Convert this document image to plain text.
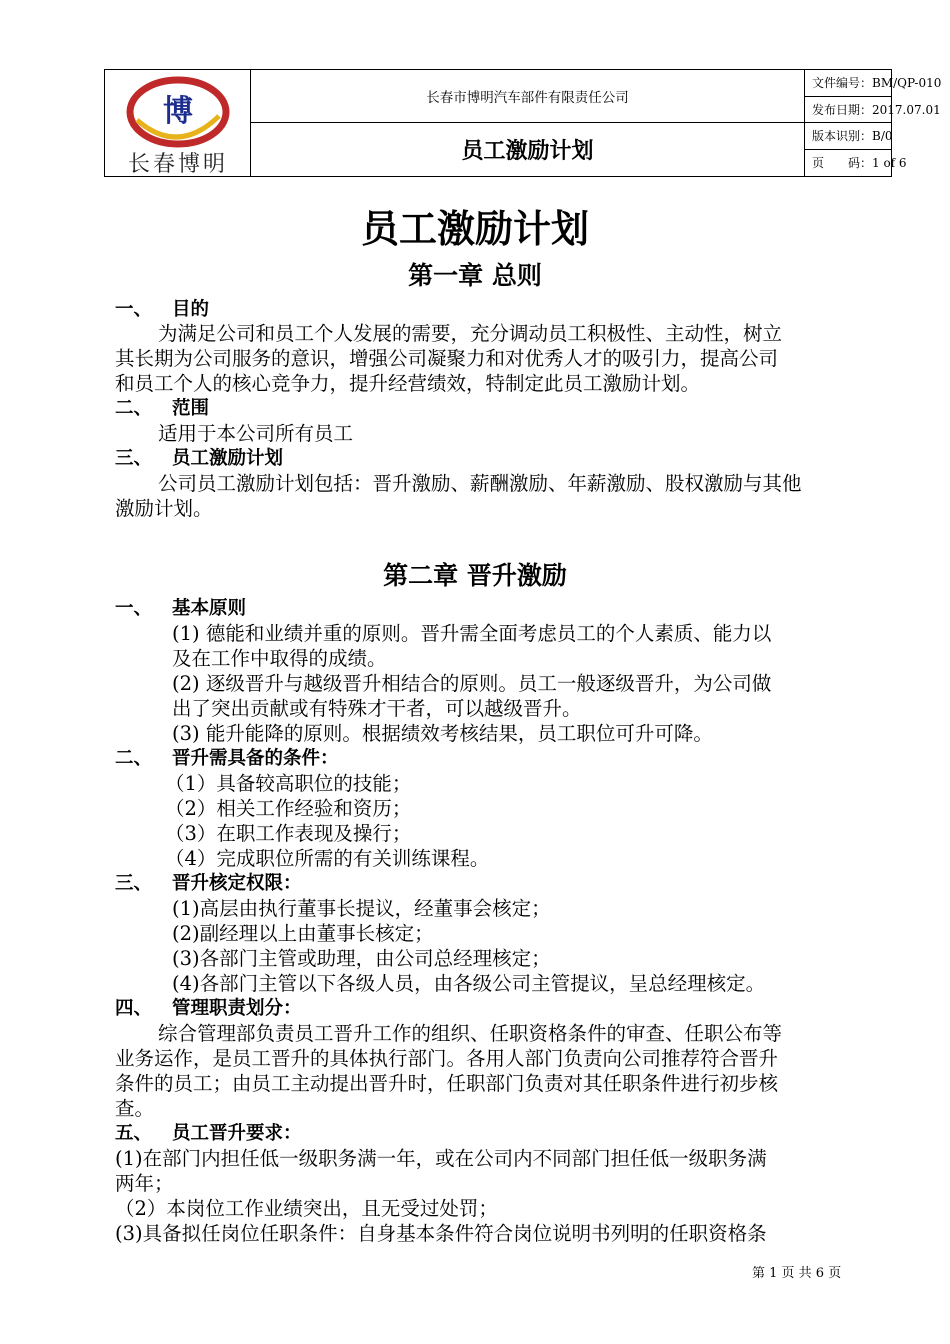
博
长春博明
长春市博明汽车部件有限责任公司
员工激励计划
文件编号：BM/QP-010
发布日期：2017.07.01
版本识别：B/0
页　　码：1 of 6
员工激励计划
第一章 总则
一、 目的
为满足公司和员工个人发展的需要，充分调动员工积极性、主动性，树立
其长期为公司服务的意识，增强公司凝聚力和对优秀人才的吸引力，提高公司
和员工个人的核心竞争力，提升经营绩效，特制定此员工激励计划。
二、 范围
适用于本公司所有员工
三、 员工激励计划
公司员工激励计划包括：晋升激励、薪酬激励、年薪激励、股权激励与其他
激励计划。
第二章 晋升激励
一、 基本原则
(1) 德能和业绩并重的原则。晋升需全面考虑员工的个人素质、能力以
及在工作中取得的成绩。
(2) 逐级晋升与越级晋升相结合的原则。员工一般逐级晋升，为公司做
出了突出贡献或有特殊才干者，可以越级晋升。
(3) 能升能降的原则。根据绩效考核结果，员工职位可升可降。
二、 晋升需具备的条件：
（1）具备较高职位的技能；
（2）相关工作经验和资历；
（3）在职工作表现及操行；
（4）完成职位所需的有关训练课程。
三、 晋升核定权限：
(1)高层由执行董事长提议，经董事会核定；
(2)副经理以上由董事长核定；
(3)各部门主管或助理，由公司总经理核定；
(4)各部门主管以下各级人员，由各级公司主管提议，呈总经理核定。
四、 管理职责划分：
综合管理部负责员工晋升工作的组织、任职资格条件的审查、任职公布等
业务运作，是员工晋升的具体执行部门。各用人部门负责向公司推荐符合晋升
条件的员工；由员工主动提出晋升时，任职部门负责对其任职条件进行初步核
查。
五、 员工晋升要求：
(1)在部门内担任低一级职务满一年，或在公司内不同部门担任低一级职务满
两年；
（2）本岗位工作业绩突出，且无受过处罚；
(3)具备拟任岗位任职条件：自身基本条件符合岗位说明书列明的任职资格条
第 1 页 共 6 页
